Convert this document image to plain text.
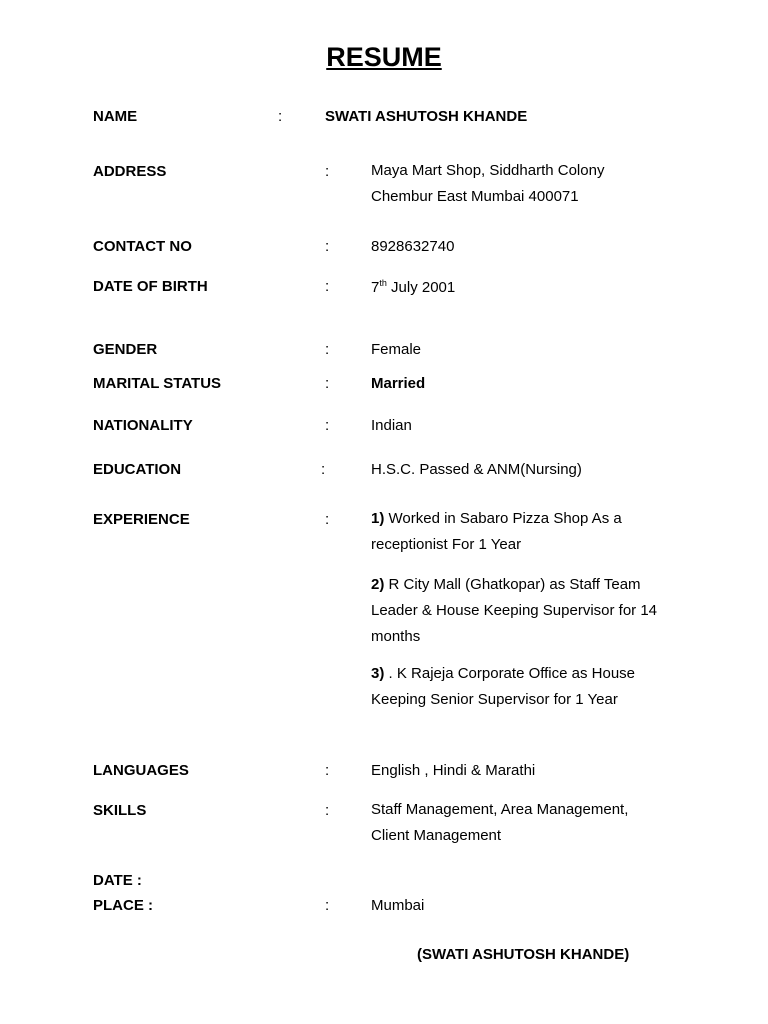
RESUME
NAME	:	SWATI ASHUTOSH KHANDE
ADDRESS	:	Maya Mart Shop, Siddharth Colony
Chembur East Mumbai 400071
CONTACT NO	:	8928632740
DATE OF BIRTH	:	7th July 2001
GENDER	:	Female
MARITAL STATUS	:	Married
NATIONALITY	:	Indian
EDUCATION	:	H.S.C. Passed & ANM(Nursing)
EXPERIENCE	:	1) Worked in Sabaro Pizza Shop As a receptionist For 1 Year
2) R City Mall (Ghatkopar) as Staff Team Leader & House Keeping Supervisor for 14 months
3) . K Rajeja Corporate Office as House Keeping Senior Supervisor for 1 Year
LANGUAGES	:	English , Hindi & Marathi
SKILLS	:	Staff Management, Area Management,
Client Management
DATE :
PLACE :	:	Mumbai
(SWATI ASHUTOSH KHANDE)
